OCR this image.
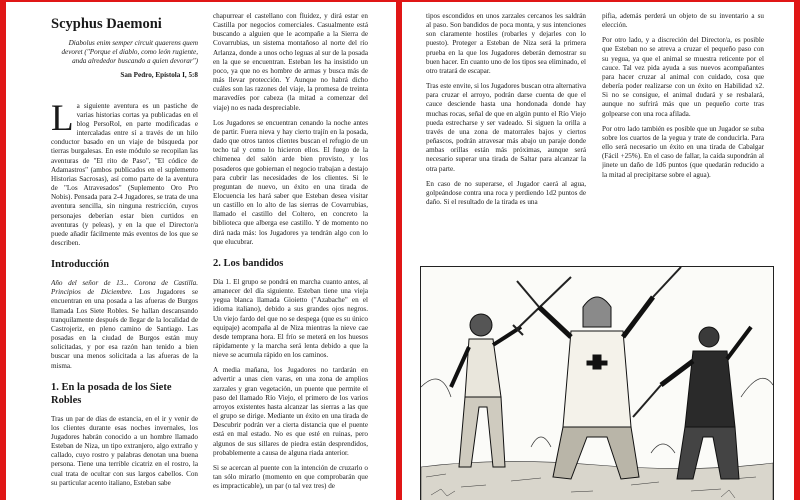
Scyphus Daemoni
Diabolus enim semper circuit quaerens quem devoret ("Porque el diablo, como león rugiente, anda alrededor buscando a quien devorar")
San Pedro, Epístola I, 5:8

La siguiente aventura es un pastiche de varias historias cortas ya publicadas en el blog PersoRol, en parte modificadas e intercaladas entre sí a través de un hilo conductor basado en un viaje de búsqueda por tierras burgalesas. En este módulo se recopilan las aventuras de "El rito de Paso", "El códice de Adamastros" (ambos publicados en el suplemento Historias Sacrosas), así como parte de la aventura de "Los Atravesados" (Suplemento Oro Pro Nobis). Pensada para 2-4 Jugadores, se trata de una aventura sencilla, sin ninguna restricción, cuyos personajes deberían estar bien curtidos en aventuras (y peleas), y en la que el Director/a puede añadir fácilmente más eventos de los que se describen.

Introducción

Año del señor de 13... Corona de Castilla. Principios de Diciembre. Los Jugadores se encuentran en una posada a las afueras de Burgos llamada Los Siete Robles. Se hallan descansando tranquilamente después de llegar de la localidad de Castrojeriz, en pleno camino de Santiago. Las posadas en la ciudad de Burgos están muy solicitadas, y por esa razón han tenido a bien buscar una menos solicitada a las afueras de la misma.

1. En la posada de los Siete Robles

Tras un par de días de estancia, en el ir y venir de los clientes durante esas noches invernales, los Jugadores habrán conocido a un hombre llamado Esteban de Niza, un tipo extranjero, algo extraño y callado, cuyo rostro y palabras denotan una buena persona. Tiene una terrible cicatriz en el rostro, la cual trata de ocultar con sus largos cabellos. Con su particular acento italiano, Esteban sabe

chapurrear el castellano con fluidez, y dirá estar en Castilla por negocios comerciales. Casualmente está buscando a alguien que le acompañe a la Sierra de Covarrubias, un sistema montañoso al norte del río Arlanza, donde a unos ocho leguas al sur de la posada en la que se encuentran. Esteban les ha insistido un poco, ya que no es hombre de armas y busca más de más llevar protección. Y Aunque no habrá dicho cuáles son las razones del viaje, la promesa de treinta maravedíes por cabeza (la mitad a comenzar del viaje) no es nada despreciable.

Los Jugadores se encuentran cenando la noche antes de partir. Fuera nieva y hay cierto trajín en la posada, dado que otros tantos clientes buscan el refugio de un techo tal y como lo hicieron ellos. El fuego de la chimenea del salón arde bien provisto, y los posaderos que gobiernan el negocio trabajan a destajo para cubrir las necesidades de los clientes. Si le preguntan de nuevo, un éxito en una tirada de Elocuencia les hará saber que Esteban desea visitar un castillo en lo alto de las sierras de Covarrubias, llamado el castillo del Coltero, en concreto la biblioteca que alberga ese castillo. Y de momento no dirá nada más: los Jugadores ya tendrán algo con lo que elucubrar.

2. Los bandidos

Día 1. El grupo se pondrá en marcha cuanto antes, al amanecer del día siguiente. Esteban tiene una vieja yegua blanca llamada Gioietto ("Azabache" en el idioma italiano), debido a sus grandes ojos negros. Un viejo fardo del que no se despega (que es su único equipaje) acompaña al de Niza mientras la nieve cae desde temprana hora. El frío se meterá en los huesos rápidamente y la marcha será lenta debido a que la nieve se acumula rápido en los caminos.

A media mañana, los Jugadores no tardarán en advertir a unas cien varas, en una zona de amplios zarzales y gran vegetación, un puente que permite el paso del llamado Río Viejo, el primero de los varios arroyos existentes hasta alcanzar las sierras a las que el grupo se dirige. Mediante un éxito en una tirada de Descubrir podrán ver a cierta distancia que el puente está en mal estado. No es que esté en ruinas, pero algunos de sus sillares de piedra están desprendidos, probablemente a causa de alguna riada anterior.

Si se acercan al puente con la intención de cruzarlo o tan sólo mirarlo (momento en que comprobarán que es impracticable), un par (o tal vez tres) de

tipos escondidos en unos zarzales cercanos les saldrán al paso. Son bandidos de poca monta, y sus intenciones son claramente hostiles (robarles y dejarles con lo puesto). Proteger a Esteban de Niza será la primera prueba en la que los Jugadores deberán demostrar su buen hacer. En cuanto uno de los tipos sea eliminado, el otro tratará de escapar.

Tras este envite, si los Jugadores buscan otra alternativa para cruzar el arroyo, podrán darse cuenta de que el cauce desciende hasta una hondonada donde hay muchas rocas, señal de que en algún punto el Río Viejo pueda estrecharse y ser vadeado. Si siguen la orilla a través de una zona de matorrales bajos y ciertos peñascos, podrán atravesar más abajo un paraje donde ambas orillas están más próximas, aunque será necesario superar una tirada de Saltar para alcanzar la otra parte.

En caso de no superarse, el Jugador caerá al agua, golpeándose contra una roca y perdiendo 1d2 puntos de daño. Si el resultado de la tirada es una

pifia, además perderá un objeto de su inventario a su elección.

Por otro lado, y a discreción del Director/a, es posible que Esteban no se atreva a cruzar el pequeño paso con su yegua, ya que el animal se muestra reticente por el cauce. Tal vez pida ayuda a sus nuevos acompañantes para hacer cruzar al animal con cuidado, cosa que debería poder realizarse con un éxito en Habilidad x2. Si no se consigue, el animal dudará y se resbalará, aunque no sufrirá más que un pequeño corte tras golpearse con una roca afilada.

Por otro lado también es posible que un Jugador se suba sobre los cuartos de la yegua y trate de conducirla. Para ello será necesario un éxito en una tirada de Cabalgar (Fácil +25%). En el caso de fallar, la caída supondrán al jinete un daño de 1d6 puntos (que quedarán reducido a la mitad al precipitarse sobre el agua).
